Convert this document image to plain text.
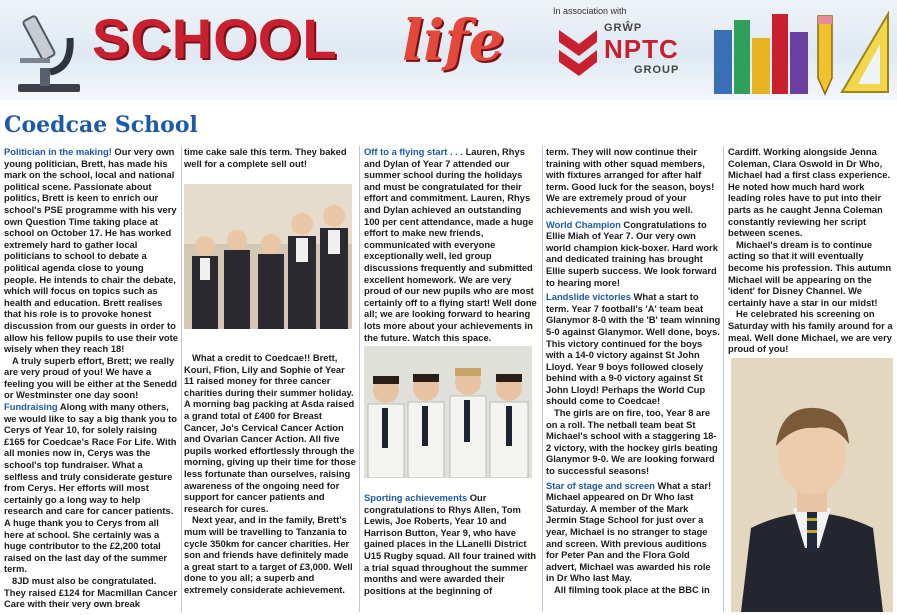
SCHOOL life	In association with
GRŴP
NPTC
GROUP
Coedcae School

Politician in the making! Our very own young politician, Brett, has made his mark on the school, local and national political scene. Passionate about politics, Brett is keen to enrich our school's PSE programme with his very own Question Time taking place at school on October 17. He has worked extremely hard to gather local politicians to school to debate a political agenda close to young people. He intends to chair the debate, which will focus on topics such as health and education. Brett realises that his role is to provoke honest discussion from our guests in order to allow his fellow pupils to use their vote wisely when they reach 18!

A truly superb effort, Brett; we really are very proud of you! We have a feeling you will be either at the Senedd or Westminster one day soon!

Fundraising Along with many others, we would like to say a big thank you to Cerys of Year 10, for solely raising £165 for Coedcae's Race For Life. With all monies now in, Cerys was the school's top fundraiser. What a selfless and truly considerate gesture from Cerys. Her efforts will most certainly go a long way to help research and care for cancer patients. A huge thank you to Cerys from all here at school. She certainly was a huge contributor to the £2,200 total raised on the last day of the summer term.

8JD must also be congratulated. They raised £124 for Macmillan Cancer Care with their very own break

time cake sale this term. They baked well for a complete sell out!

What a credit to Coedcae!! Brett, Kouri, Ffion, Lily and Sophie of Year 11 raised money for three cancer charities during their summer holiday. A morning bag packing at Asda raised a grand total of £400 for Breast Cancer, Jo's Cervical Cancer Action and Ovarian Cancer Action. All five pupils worked effortlessly through the morning, giving up their time for those less fortunate than ourselves, raising awareness of the ongoing need for support for cancer patients and research for cures.

Next year, and in the family, Brett's mum will be travelling to Tanzania to cycle 350km for cancer charities. Her son and friends have definitely made a great start to a target of £3,000. Well done to you all; a superb and extremely considerate achievement.

Off to a flying start . . . Lauren, Rhys and Dylan of Year 7 attended our summer school during the holidays and must be congratulated for their effort and commitment. Lauren, Rhys and Dylan achieved an outstanding 100 per cent attendance, made a huge effort to make new friends, communicated with everyone exceptionally well, led group discussions frequently and submitted excellent homework. We are very proud of our new pupils who are most certainly off to a flying start! Well done all; we are looking forward to hearing lots more about your achievements in the future. Watch this space.

Sporting achievements Our congratulations to Rhys Allen, Tom Lewis, Joe Roberts, Year 10 and Harrison Button, Year 9, who have gained places in the LLanelli District U15 Rugby squad. All four trained with a trial squad throughout the summer months and were awarded their positions at the beginning of

term. They will now continue their training with other squad members, with fixtures arranged for after half term. Good luck for the season, boys! We are extremely proud of your achievements and wish you well.

World Champion Congratulations to Ellie Miah of Year 7. Our very own world champion kick-boxer. Hard work and dedicated training has brought Ellie superb success. We look forward to hearing more!

Landslide victories What a start to term. Year 7 football's 'A' team beat Glanymor 8-0 with the 'B' team winning 5-0 against Glanymor. Well done, boys. This victory continued for the boys with a 14-0 victory against St John Lloyd. Year 9 boys followed closely behind with a 9-0 victory against St John Lloyd! Perhaps the World Cup should come to Coedcae!

The girls are on fire, too, Year 8 are on a roll. The netball team beat St Michael's school with a staggering 18-2 victory, with the hockey girls beating Glanymor 9-0. We are looking forward to successful seasons!

Star of stage and screen What a star! Michael appeared on Dr Who last Saturday. A member of the Mark Jermin Stage School for just over a year, Michael is no stranger to stage and screen. With previous auditions for Peter Pan and the Flora Gold advert, Michael was awarded his role in Dr Who last May.

All filming took place at the BBC in

Cardiff. Working alongside Jenna Coleman, Clara Oswold in Dr Who, Michael had a first class experience. He noted how much hard work leading roles have to put into their parts as he caught Jenna Coleman constantly reviewing her script between scenes.

Michael's dream is to continue acting so that it will eventually become his profession. This autumn Michael will be appearing on the 'ident' for Disney Channel. We certainly have a star in our midst!

He celebrated his screening on Saturday with his family around for a meal. Well done Michael, we are very proud of you!
